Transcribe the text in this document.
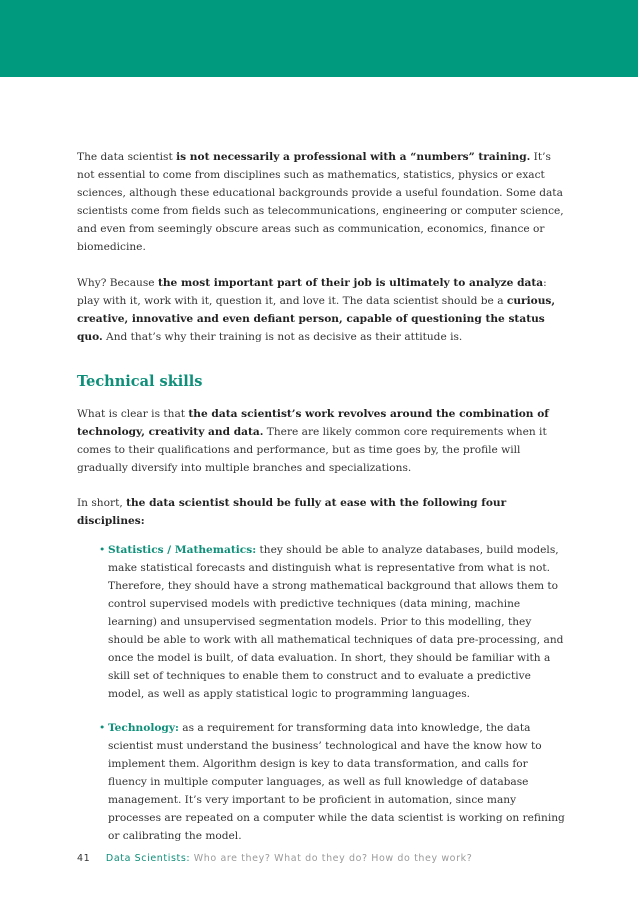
The data scientist is not necessarily a professional with a “numbers” training. It’s not essential to come from disciplines such as mathematics, statistics, physics or exact sciences, although these educational backgrounds provide a useful foundation. Some data scientists come from fields such as telecommunications, engineering or computer science, and even from seemingly obscure areas such as communication, economics, finance or biomedicine.

Why? Because the most important part of their job is ultimately to analyze data: play with it, work with it, question it, and love it. The data scientist should be a curious, creative, innovative and even defiant person, capable of questioning the status quo. And that’s why their training is not as decisive as their attitude is.

Technical skills

What is clear is that the data scientist’s work revolves around the combination of technology, creativity and data. There are likely common core requirements when it comes to their qualifications and performance, but as time goes by, the profile will gradually diversify into multiple branches and specializations.

In short, the data scientist should be fully at ease with the following four disciplines:

• Statistics / Mathematics: they should be able to analyze databases, build models, make statistical forecasts and distinguish what is representative from what is not. Therefore, they should have a strong mathematical background that allows them to control supervised models with predictive techniques (data mining, machine learning) and unsupervised segmentation models. Prior to this modelling, they should be able to work with all mathematical techniques of data pre-processing, and once the model is built, of data evaluation. In short, they should be familiar with a skill set of techniques to enable them to construct and to evaluate a predictive model, as well as apply statistical logic to programming languages.
• Technology: as a requirement for transforming data into knowledge, the data scientist must understand the business’ technological and have the know how to implement them. Algorithm design is key to data transformation, and calls for fluency in multiple computer languages, as well as full knowledge of database management. It’s very important to be proficient in automation, since many processes are repeated on a computer while the data scientist is working on refining or calibrating the model.
41 Data Scientists: Who are they? What do they do? How do they work?
